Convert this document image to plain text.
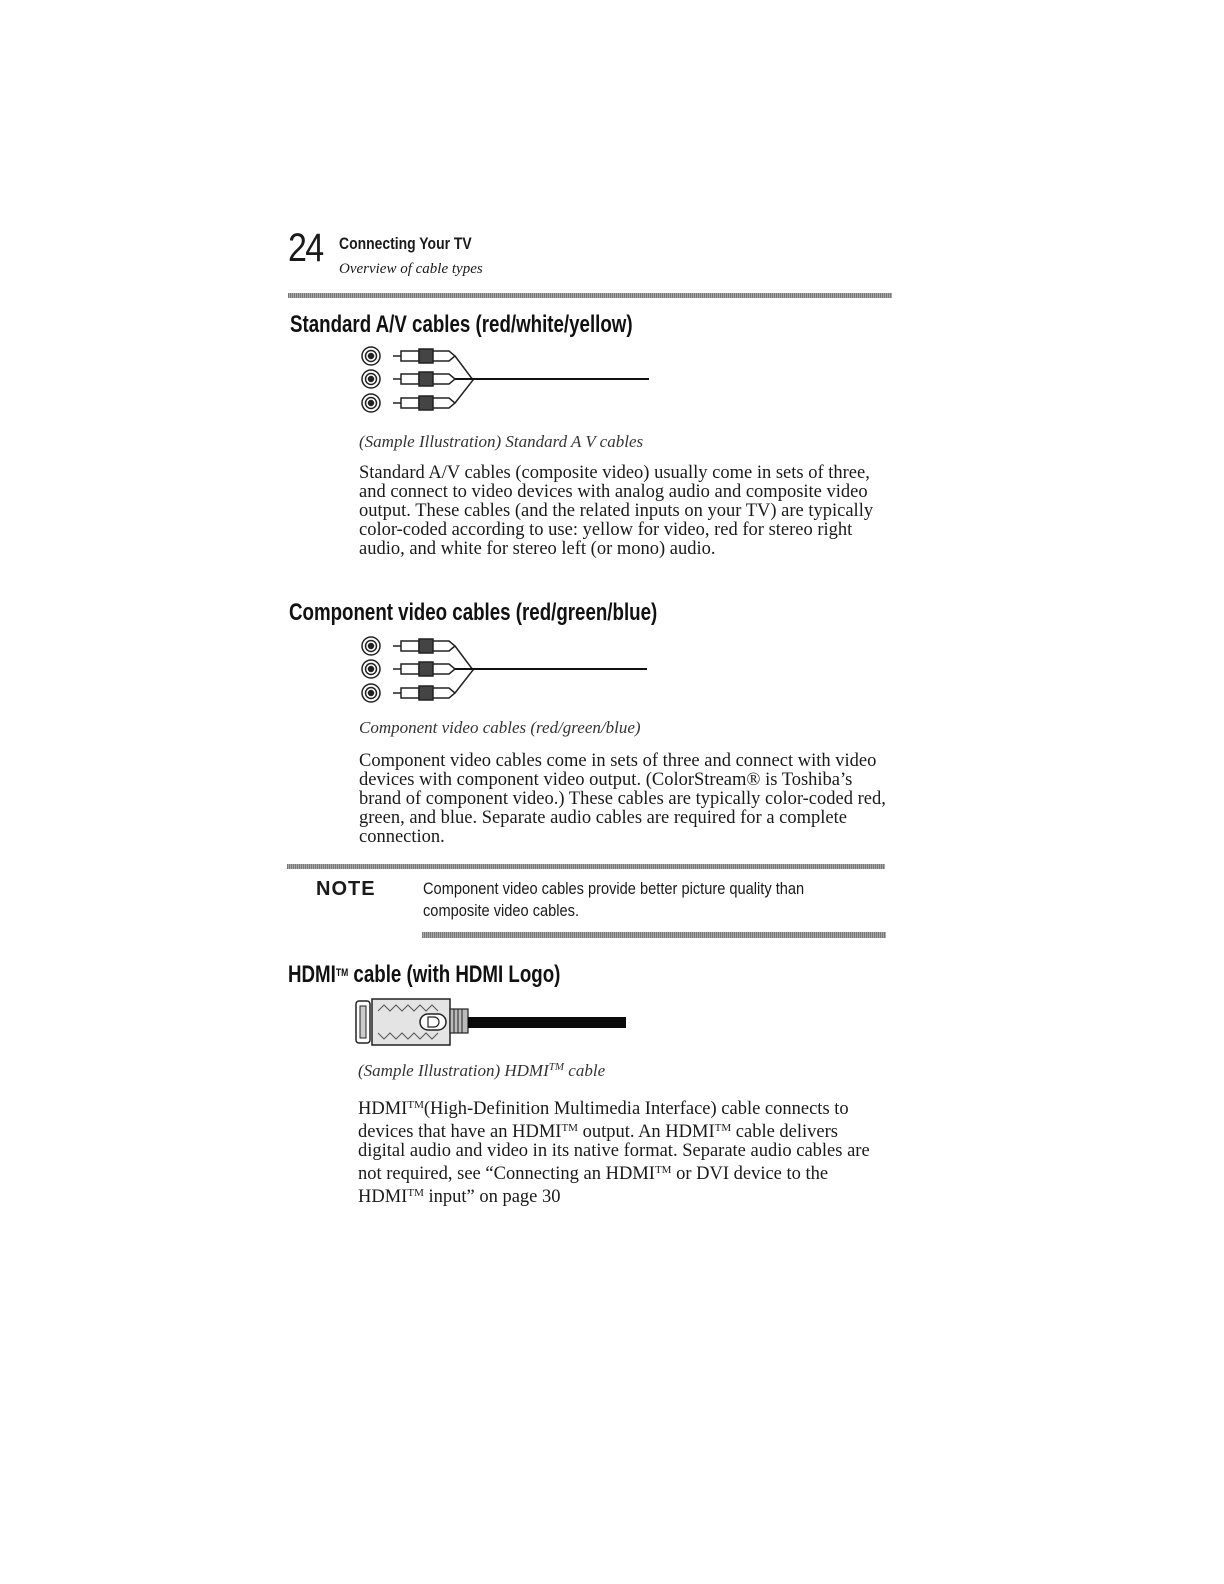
24 Connecting Your TV
Overview of cable types
Standard A/V cables (red/white/yellow)
(Sample Illustration) Standard A V cables
Standard A/V cables (composite video) usually come in sets of three, and connect to video devices with analog audio and composite video output. These cables (and the related inputs on your TV) are typically color-coded according to use: yellow for video, red for stereo right audio, and white for stereo left (or mono) audio.
Component video cables (red/green/blue)
Component video cables (red/green/blue)
Component video cables come in sets of three and connect with video devices with component video output. (ColorStream® is Toshiba’s brand of component video.) These cables are typically color-coded red, green, and blue. Separate audio cables are required for a complete connection.
NOTE	Component video cables provide better picture quality than composite video cables.
HDMI™ cable (with HDMI Logo)
(Sample Illustration) HDMI™ cable
HDMI™(High-Definition Multimedia Interface) cable connects to devices that have an HDMI™ output. An HDMI™ cable delivers digital audio and video in its native format. Separate audio cables are not required, see “Connecting an HDMI™ or DVI device to the HDMI™ input” on page 30
